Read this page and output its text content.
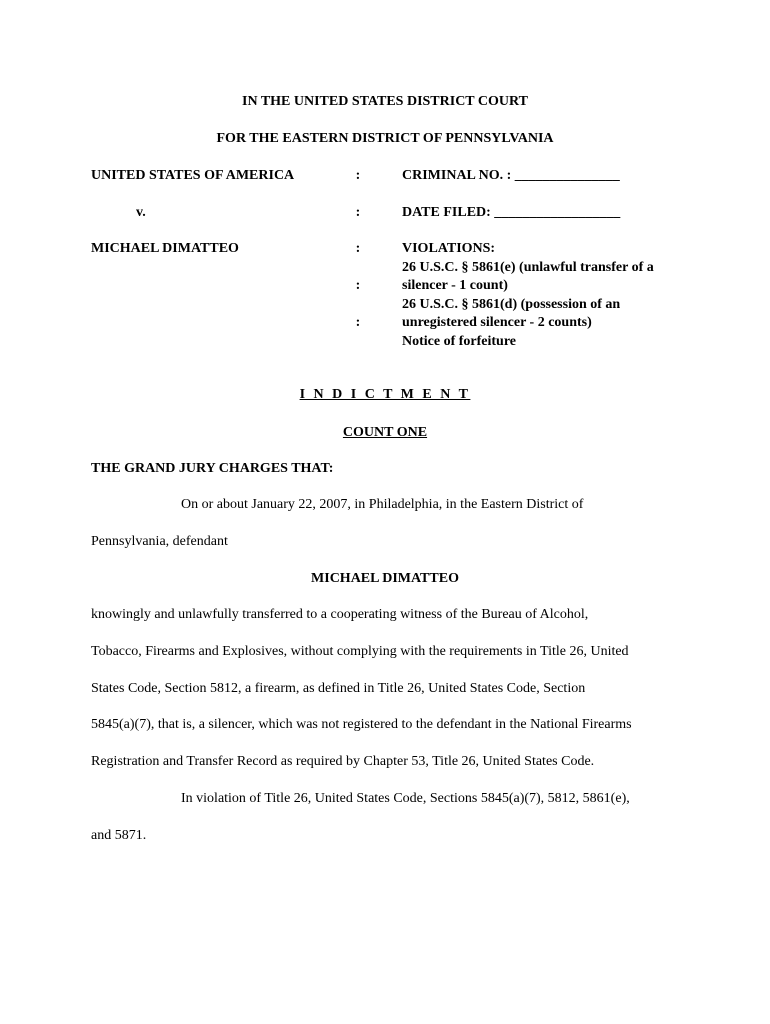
IN THE UNITED STATES DISTRICT COURT
FOR THE EASTERN DISTRICT OF PENNSYLVANIA
UNITED STATES OF AMERICA
v.
MICHAEL DIMATTEO
:
:
:
:
:
CRIMINAL NO. : _______________
DATE FILED: __________________
VIOLATIONS:
26 U.S.C. § 5861(e) (unlawful transfer of a
silencer - 1 count)
26 U.S.C. § 5861(d) (possession of an
unregistered silencer - 2 counts)
Notice of forfeiture
I N D I C T M E N T
COUNT ONE
THE GRAND JURY CHARGES THAT:
On or about January 22, 2007, in Philadelphia, in the Eastern District of
Pennsylvania, defendant
MICHAEL DIMATTEO
knowingly and unlawfully transferred to a cooperating witness of the Bureau of Alcohol,
Tobacco, Firearms and Explosives, without complying with the requirements in Title 26, United
States Code, Section 5812, a firearm, as defined in Title 26, United States Code, Section
5845(a)(7), that is, a silencer, which was not registered to the defendant in the National Firearms
Registration and Transfer Record as required by Chapter 53, Title 26, United States Code.
In violation of Title 26, United States Code, Sections 5845(a)(7), 5812, 5861(e),
and 5871.
